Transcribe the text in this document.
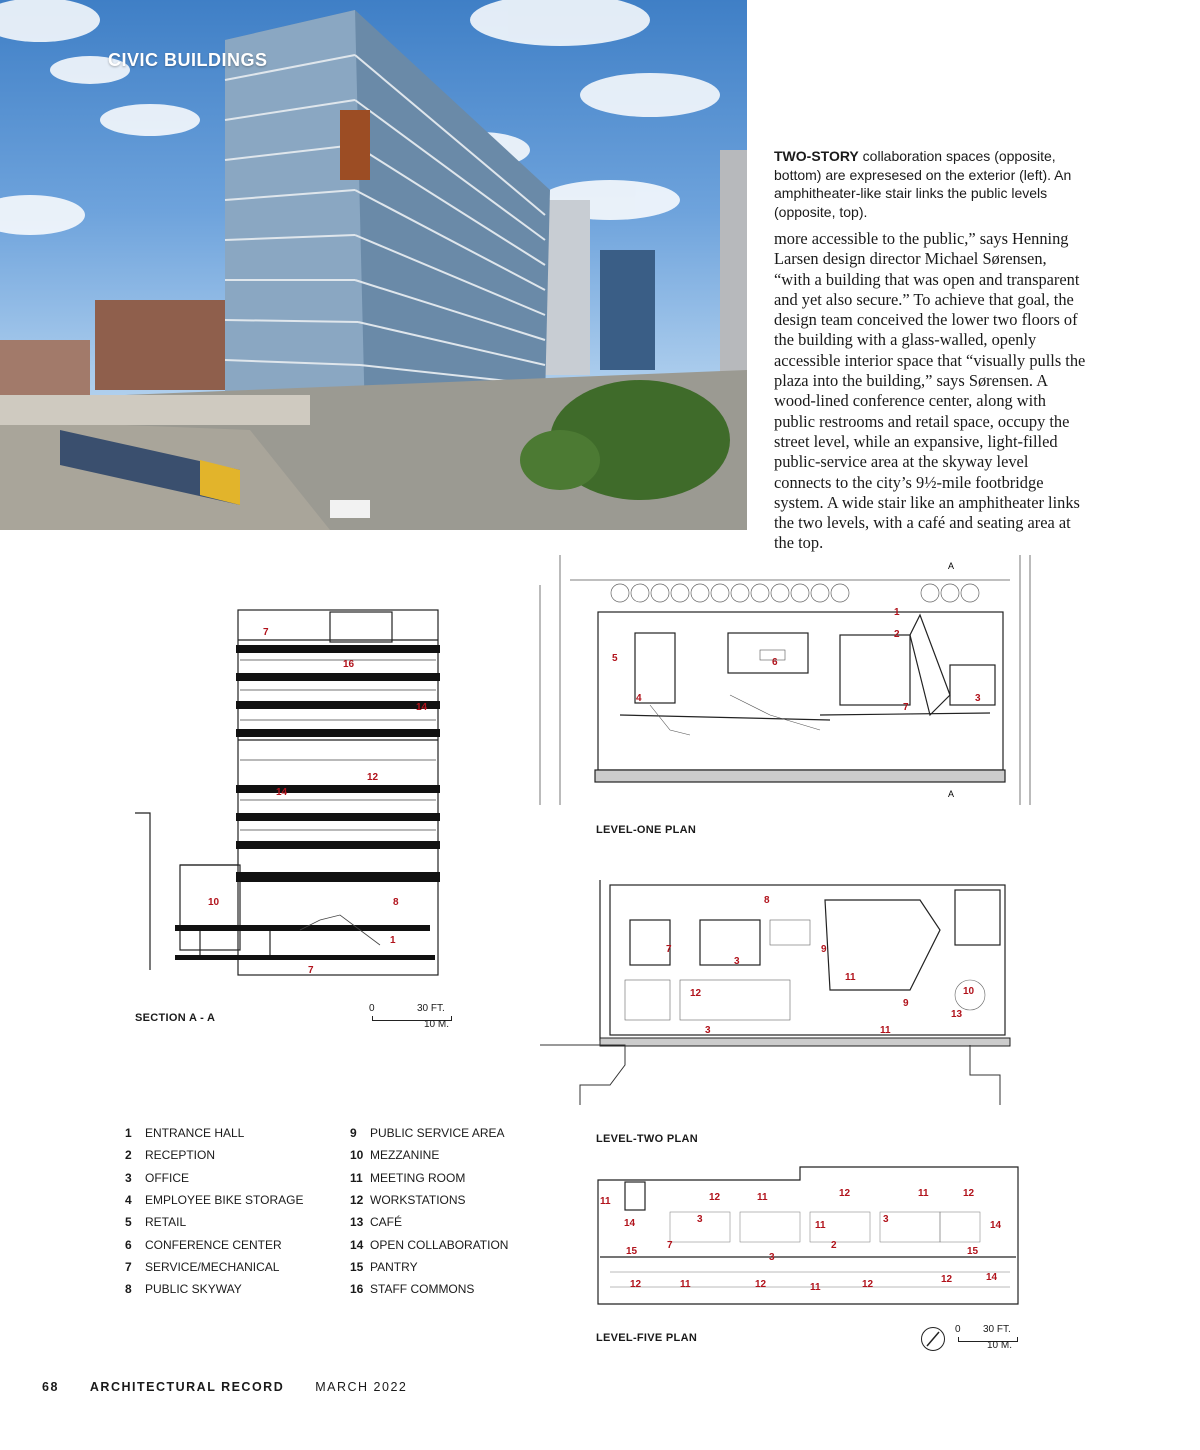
CIVIC BUILDINGS
TWO-STORY collaboration spaces (opposite, bottom) are expresesed on the exterior (left). An amphitheater-like stair links the public levels (opposite, top).
more accessible to the public,” says Henning Larsen design director Michael Sørensen, “with a building that was open and transparent and yet also secure.” To achieve that goal, the design team conceived the lower two floors of the building with a glass-walled, openly accessible interior space that “visually pulls the plaza into the building,” says Sørensen. A wood-lined conference center, along with public restrooms and retail space, occupy the street level, while an expansive, light-filled public-service area at the skyway level connects to the city’s 9½-mile footbridge system. A wide stair like an amphitheater links the two levels, with a café and seating area at the top.
7
16
14
12
14
10	8
1
7
SECTION A - A
0	30 FT.
10 M.
A
A
1
2
5	6
4
7
3
LEVEL-ONE PLAN
8
7	9
3
11
12
9
10
13
3	11
LEVEL-TWO PLAN
11	12	11	12	11	12
14	3
11
3
14
15
7
3
2
15
12	11	12	11	12	12	14
LEVEL-FIVE PLAN
0 30 FT.
10 M.
1	ENTRANCE HALL
2	RECEPTION
3	OFFICE
4	EMPLOYEE BIKE STORAGE
5	RETAIL
6	CONFERENCE CENTER
7	SERVICE/MECHANICAL
8	PUBLIC SKYWAY
9	PUBLIC SERVICE AREA
10 MEZZANINE
11 MEETING ROOM
12 WORKSTATIONS
13 CAFÉ
14 OPEN COLLABORATION
15 PANTRY
16 STAFF COMMONS
68 ARCHITECTURAL RECORD MARCH 2022
